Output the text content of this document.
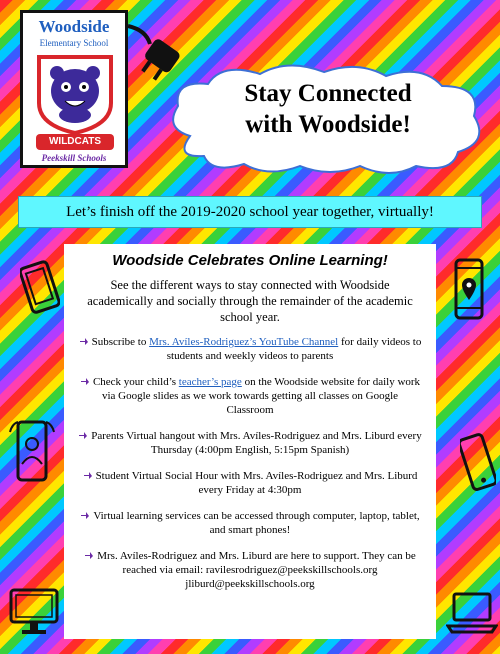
Woodside
Elementary School
WILDCATS
Peekskill Schools
Stay Connected
with Woodside!
Let’s finish off the 2019-2020 school year together, virtually!
Woodside Celebrates Online Learning!
See the different ways to stay connected with Woodside academically and socially through the remainder of the academic school year.
Subscribe to Mrs. Avíles-Rodriguez’s YouTube Channel for daily videos to students and weekly videos to parents
Check your child’s teacher’s page on the Woodside website for daily work via Google slides as we work towards getting all classes on Google Classroom
Parents Virtual hangout with Mrs. Avíles-Rodriguez and Mrs. Liburd every Thursday (4:00pm English, 5:15pm Spanish)
Student Virtual Social Hour with Mrs. Avíles-Rodriguez and Mrs. Liburd every Friday at 4:30pm
Virtual learning services can be accessed through computer, laptop, tablet, and smart phones!
Mrs. Avíles-Rodriguez and Mrs. Liburd are here to support. They can be reached via email: ravilesrodriguez@peekskillschools.org
jliburd@peekskillschools.org
